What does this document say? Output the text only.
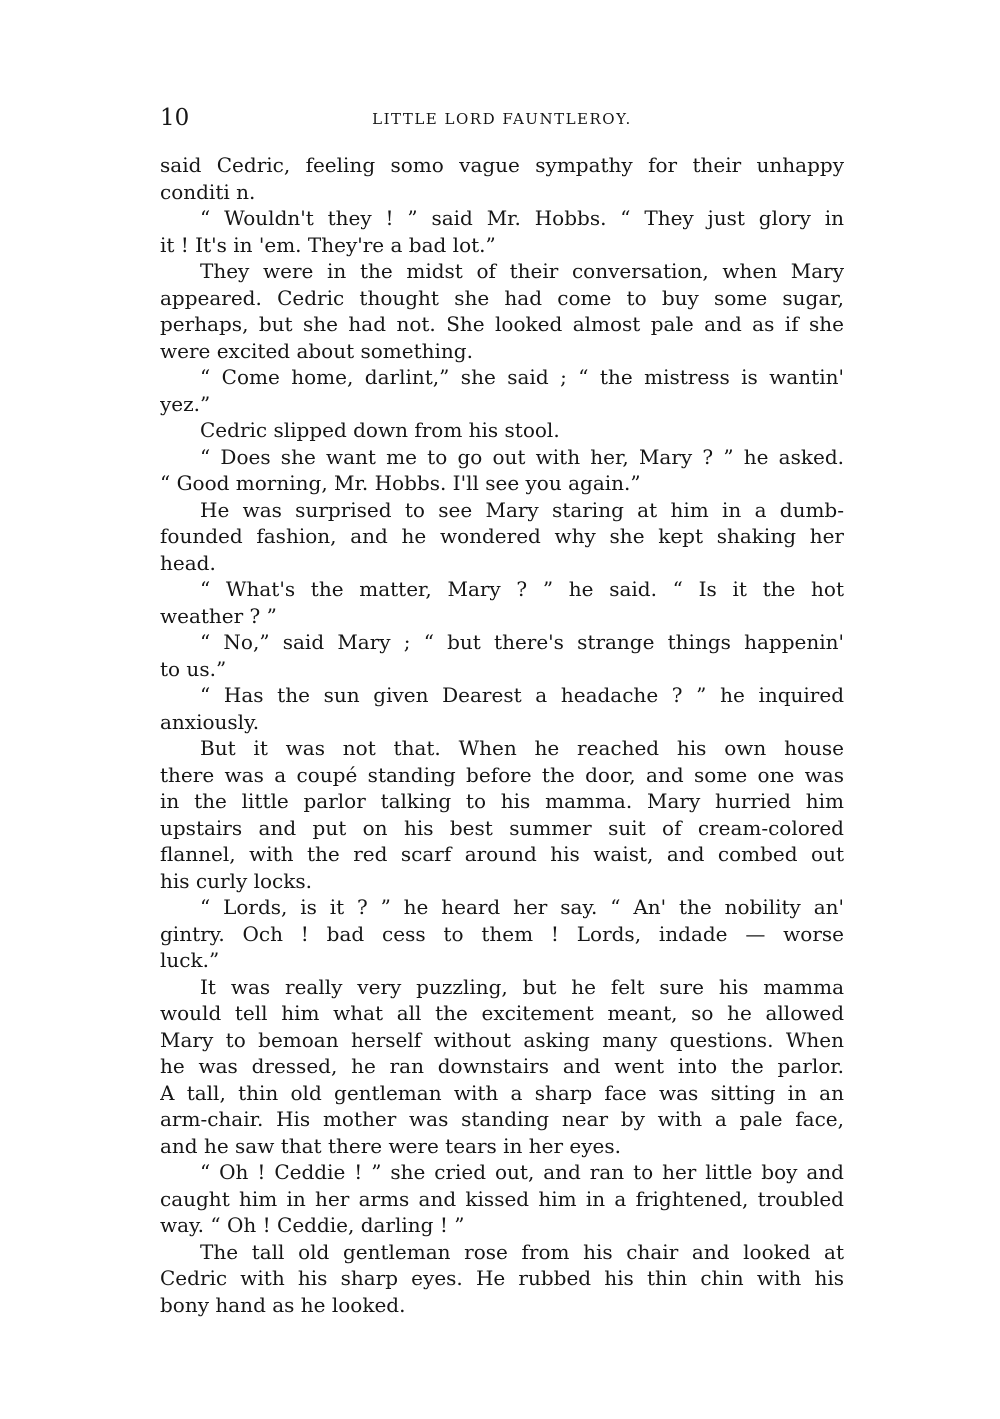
10	LITTLE LORD FAUNTLEROY.
said Cedric, feeling somo vague sympathy for their unhappy
conditi n.
“ Wouldn't they ! ” said Mr. Hobbs. “ They just glory in
it ! It's in 'em. They're a bad lot.”
They were in the midst of their conversation, when Mary
appeared. Cedric thought she had come to buy some sugar,
perhaps, but she had not. She looked almost pale and as if she
were excited about something.
“ Come home, darlint,” she said ; “ the mistress is wantin'
yez.”
Cedric slipped down from his stool.
“ Does she want me to go out with her, Mary ? ” he asked.
“ Good morning, Mr. Hobbs. I'll see you again.”
He was surprised to see Mary staring at him in a dumb-
founded fashion, and he wondered why she kept shaking her
head.
“ What's the matter, Mary ? ” he said. “ Is it the hot
weather ? ”
“ No,” said Mary ; “ but there's strange things happenin'
to us.”
“ Has the sun given Dearest a headache ? ” he inquired
anxiously.
But it was not that. When he reached his own house
there was a coupé standing before the door, and some one was
in the little parlor talking to his mamma. Mary hurried him
upstairs and put on his best summer suit of cream-colored
flannel, with the red scarf around his waist, and combed out
his curly locks.
“ Lords, is it ? ” he heard her say. “ An' the nobility an'
gintry. Och ! bad cess to them ! Lords, indade — worse
luck.”
It was really very puzzling, but he felt sure his mamma
would tell him what all the excitement meant, so he allowed
Mary to bemoan herself without asking many questions. When
he was dressed, he ran downstairs and went into the parlor.
A tall, thin old gentleman with a sharp face was sitting in an
arm-chair. His mother was standing near by with a pale face,
and he saw that there were tears in her eyes.
“ Oh ! Ceddie ! ” she cried out, and ran to her little boy and
caught him in her arms and kissed him in a frightened, troubled
way. “ Oh ! Ceddie, darling ! ”
The tall old gentleman rose from his chair and looked at
Cedric with his sharp eyes. He rubbed his thin chin with his
bony hand as he looked.
